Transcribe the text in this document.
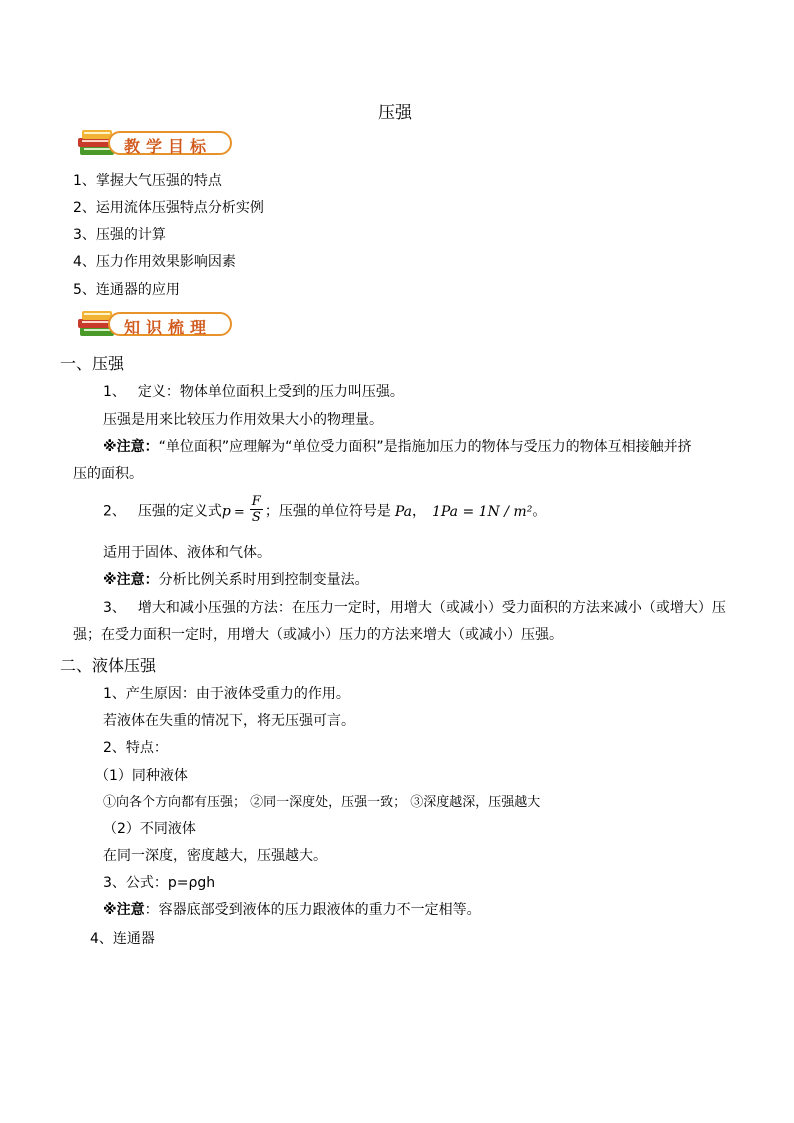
压强
教学目标
1、掌握大气压强的特点
2、运用流体压强特点分析实例
3、压强的计算
4、压力作用效果影响因素
5、连通器的应用
知识梳理
一、压强
1、 定义：物体单位面积上受到的压力叫压强。
压强是用来比较压力作用效果大小的物理量。
※注意：“单位面积”应理解为“单位受力面积”是指施加压力的物体与受压力的物体互相接触并挤
压的面积。
2、 压强的定义式$p = \frac{F}{S}$ ；压强的单位符号是 Pa， 1Pa = 1N / m²。
适用于固体、液体和气体。
※注意：分析比例关系时用到控制变量法。
3、 增大和减小压强的方法：在压力一定时，用增大（或减小）受力面积的方法来减小（或增大）压
强；在受力面积一定时，用增大（或减小）压力的方法来增大（或减小）压强。
二、液体压强
1、产生原因：由于液体受重力的作用。
若液体在失重的情况下，将无压强可言。
2、特点：
（1）同种液体
①向各个方向都有压强； ②同一深度处，压强一致； ③深度越深，压强越大
（2）不同液体
在同一深度，密度越大，压强越大。
3、公式：p=ρgh
※注意：容器底部受到液体的压力跟液体的重力不一定相等。
4、连通器
